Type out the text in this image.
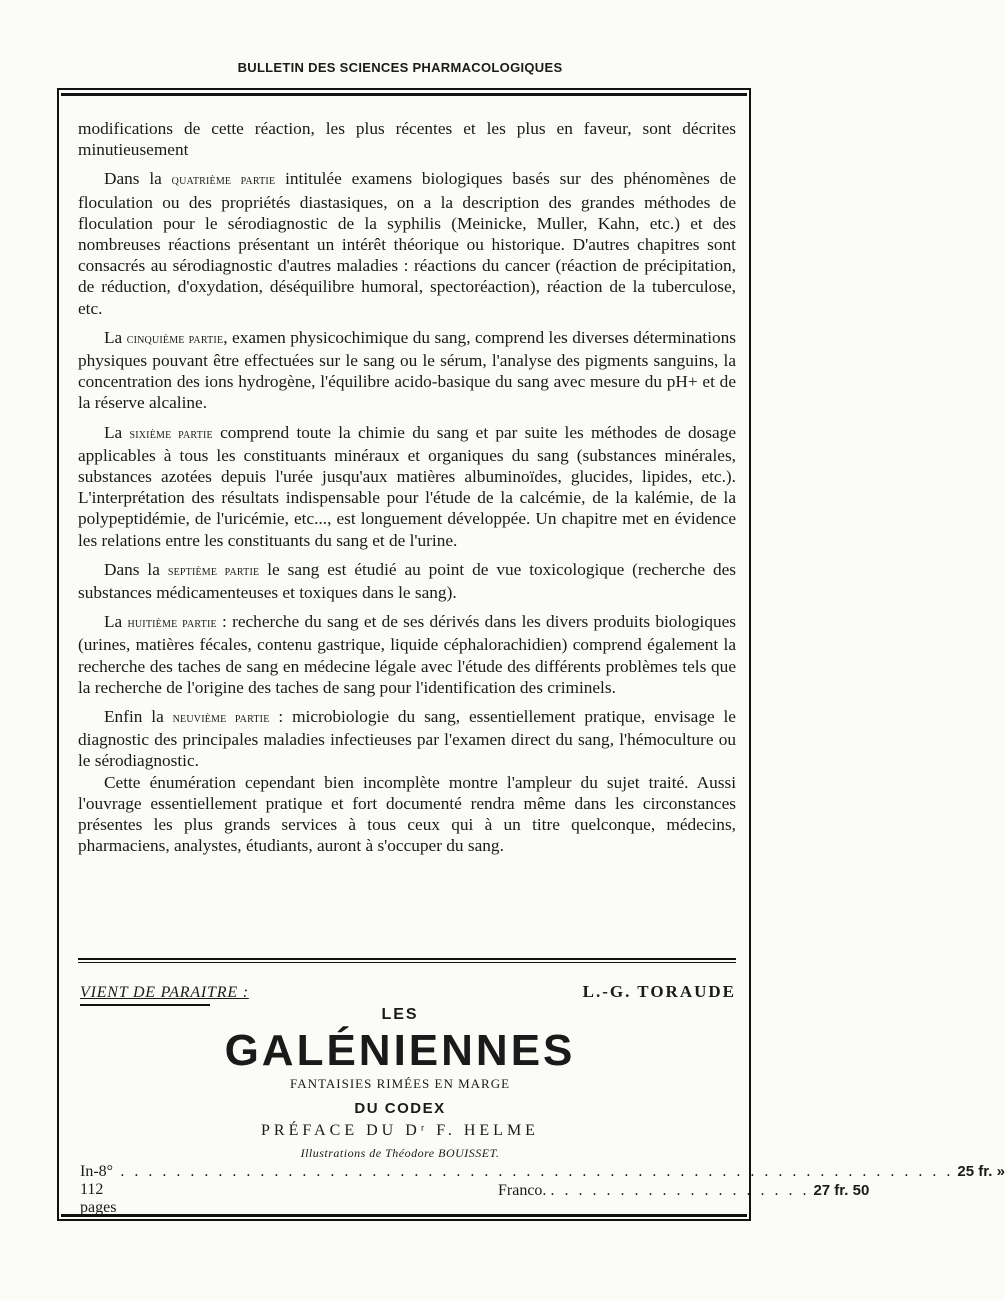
BULLETIN DES SCIENCES PHARMACOLOGIQUES

modifications de cette réaction, les plus récentes et les plus en faveur, sont décrites minutieusement

Dans la quatrième partie intitulée examens biologiques basés sur des phénomènes de floculation ou des propriétés diastasiques, on a la description des grandes méthodes de floculation pour le sérodiagnostic de la syphilis (Meinicke, Muller, Kahn, etc.) et des nombreuses réactions présentant un intérêt théorique ou historique. D'autres chapitres sont consacrés au sérodiagnostic d'autres maladies : réactions du cancer (réaction de précipitation, de réduction, d'oxydation, déséquilibre humoral, spectoréaction), réaction de la tuberculose, etc.

La cinquième partie, examen physicochimique du sang, comprend les diverses déterminations physiques pouvant être effectuées sur le sang ou le sérum, l'analyse des pigments sanguins, la concentration des ions hydrogène, l'équilibre acido-basique du sang avec mesure du pH+ et de la réserve alcaline.

La sixième partie comprend toute la chimie du sang et par suite les méthodes de dosage applicables à tous les constituants minéraux et organiques du sang (substances minérales, substances azotées depuis l'urée jusqu'aux matières albuminoïdes, glucides, lipides, etc.). L'interprétation des résultats indispensable pour l'étude de la calcémie, de la kalémie, de la polypeptidémie, de l'uricémie, etc..., est longuement développée. Un chapitre met en évidence les relations entre les constituants du sang et de l'urine.

Dans la septième partie le sang est étudié au point de vue toxicologique (recherche des substances médicamenteuses et toxiques dans le sang).

La huitième partie : recherche du sang et de ses dérivés dans les divers produits biologiques (urines, matières fécales, contenu gastrique, liquide céphalorachidien) comprend également la recherche des taches de sang en médecine légale avec l'étude des différents problèmes tels que la recherche de l'origine des taches de sang pour l'identification des criminels.

Enfin la neuvième partie : microbiologie du sang, essentiellement pratique, envisage le diagnostic des principales maladies infectieuses par l'examen direct du sang, l'hémoculture ou le sérodiagnostic.

Cette énumération cependant bien incomplète montre l'ampleur du sujet traité. Aussi l'ouvrage essentiellement pratique et fort documenté rendra même dans les circonstances présentes les plus grands services à tous ceux qui à un titre quelconque, médecins, pharmaciens, analystes, étudiants, auront à s'occuper du sang.

VIENT DE PARAITRE :	L.-G. TORAUDE
LES
GALÉNIENNES
FANTAISIES RIMÉES EN MARGE
DU CODEX
PRÉFACE DU Dʳ F. HELME
Illustrations de Théodore BOUISSET.
In-8° 112 pages
. . . . . . . . . . . . . . . . . . . . . . . . . . . . . . . . . . . . . . . . . . . . . . . . . . . . . . . . . . . . 25 fr. »
Franco. . . . . . . . . . . . . . . . . . . . 27 fr. 50
